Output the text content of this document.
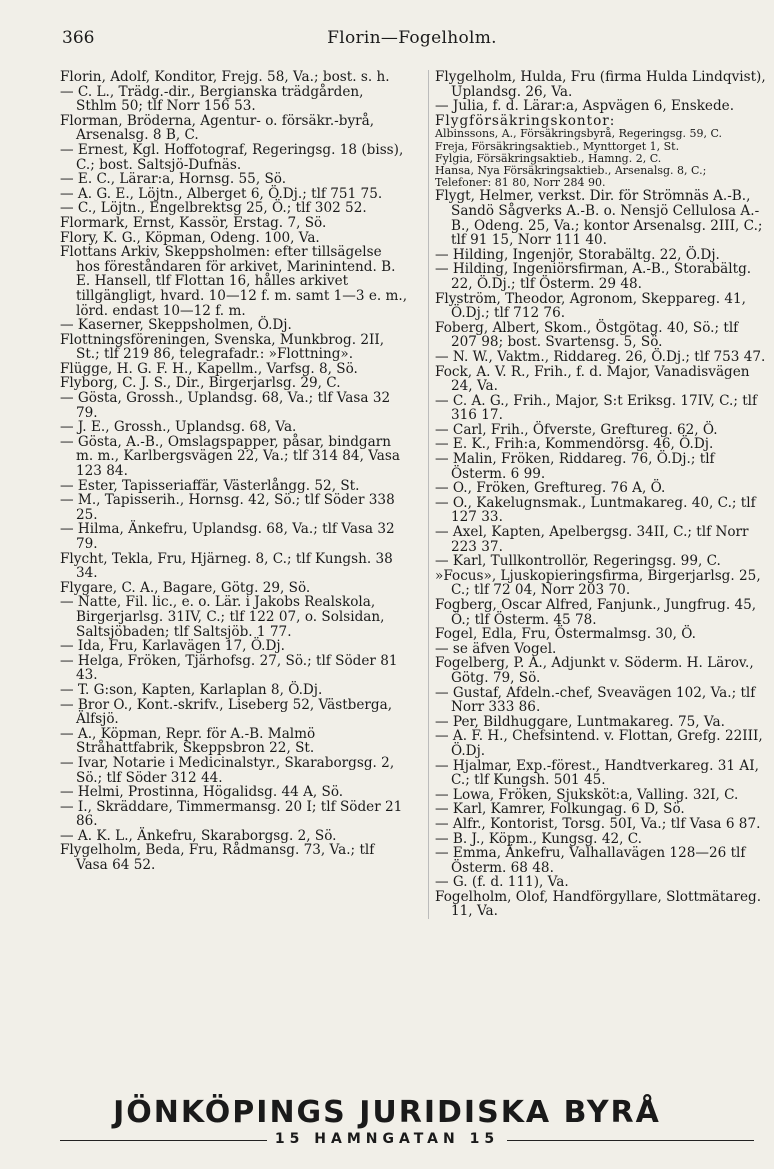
366	Florin—Fogelholm.
Florin, Adolf, Konditor, Frejg. 58, Va.; bost. s. h.
— C. L., Trädg.-dir., Bergianska trädgården, Sthlm 50; tlf Norr 156 53.
Florman, Bröderna, Agentur- o. försäkr.-byrå, Arsenalsg. 8 B, C.
— Ernest, Kgl. Hoffotograf, Regeringsg. 18 (biss), C.; bost. Saltsjö-Dufnäs.
— E. C., Lärar:a, Hornsg. 55, Sö.
— A. G. E., Löjtn., Alberget 6, Ö.Dj.; tlf 751 75.
— C., Löjtn., Engelbrektsg 25, Ö.; tlf 302 52.
Flormark, Ernst, Kassör, Erstag. 7, Sö.
Flory, K. G., Köpman, Odeng. 100, Va.
Flottans Arkiv, Skeppsholmen: efter tillsägelse hos föreståndaren för arkivet, Marinintend. B. E. Hansell, tlf Flottan 16, hålles arkivet tillgängligt, hvard. 10—12 f. m. samt 1—3 e. m., lörd. endast 10—12 f. m.
— Kaserner, Skeppsholmen, Ö.Dj.
Flottningsföreningen, Svenska, Munkbrog. 2II, St.; tlf 219 86, telegrafadr.: »Flottning».
Flügge, H. G. F. H., Kapellm., Varfsg. 8, Sö.
Flyborg, C. J. S., Dir., Birgerjarlsg. 29, C.
— Gösta, Grossh., Uplandsg. 68, Va.; tlf Vasa 32 79.
— J. E., Grossh., Uplandsg. 68, Va.
— Gösta, A.-B., Omslagspapper, påsar, bindgarn m. m., Karlbergsvägen 22, Va.; tlf 314 84, Vasa 123 84.
— Ester, Tapisseriaffär, Västerlångg. 52, St.
— M., Tapisserih., Hornsg. 42, Sö.; tlf Söder 338 25.
— Hilma, Änkefru, Uplandsg. 68, Va.; tlf Vasa 32 79.
Flycht, Tekla, Fru, Hjärneg. 8, C.; tlf Kungsh. 38 34.
Flygare, C. A., Bagare, Götg. 29, Sö.
— Natte, Fil. lic., e. o. Lär. i Jakobs Realskola, Birgerjarlsg. 31IV, C.; tlf 122 07, o. Solsidan, Saltsjöbaden; tlf Saltsjöb. 1 77.
— Ida, Fru, Karlavägen 17, Ö.Dj.
— Helga, Fröken, Tjärhofsg. 27, Sö.; tlf Söder 81 43.
— T. G:son, Kapten, Karlaplan 8, Ö.Dj.
— Bror O., Kont.-skrifv., Liseberg 52, Västberga, Älfsjö.
— A., Köpman, Repr. för A.-B. Malmö Stråhattfabrik, Skeppsbron 22, St.
— Ivar, Notarie i Medicinalstyr., Skaraborgsg. 2, Sö.; tlf Söder 312 44.
— Helmi, Prostinna, Högalidsg. 44 A, Sö.
— I., Skräddare, Timmermansg. 20 I; tlf Söder 21 86.
— A. K. L., Änkefru, Skaraborgsg. 2, Sö.
Flygelholm, Beda, Fru, Rådmansg. 73, Va.; tlf Vasa 64 52.
Flygelholm, Hulda, Fru (firma Hulda Lindqvist), Uplandsg. 26, Va.
— Julia, f. d. Lärar:a, Aspvägen 6, Enskede.
Flygförsäkringskontor:
Albinssons, A., Försäkringsbyrå, Regeringsg. 59, C.
Freja, Försäkringsaktieb., Mynttorget 1, St.
Fylgia, Försäkringsaktieb., Hamng. 2, C.
Hansa, Nya Försäkringsaktieb., Arsenalsg. 8, C.;
Telefoner: 81 80, Norr 284 90.
Flygt, Helmer, verkst. Dir. för Strömnäs A.-B., Sandö Sågverks A.-B. o. Nensjö Cellulosa A.-B., Odeng. 25, Va.; kontor Arsenalsg. 2III, C.; tlf 91 15, Norr 111 40.
— Hilding, Ingenjör, Storabältg. 22, Ö.Dj.
— Hilding, Ingeniörsfirman, A.-B., Storabältg. 22, Ö.Dj.; tlf Österm. 29 48.
Flyström, Theodor, Agronom, Skeppareg. 41, Ö.Dj.; tlf 712 76.
Foberg, Albert, Skom., Östgötag. 40, Sö.; tlf 207 98; bost. Svartensg. 5, Sö.
— N. W., Vaktm., Riddareg. 26, Ö.Dj.; tlf 753 47.
Fock, A. V. R., Frih., f. d. Major, Vanadisvägen 24, Va.
— C. A. G., Frih., Major, S:t Eriksg. 17IV, C.; tlf 316 17.
— Carl, Frih., Öfverste, Greftureg. 62, Ö.
— E. K., Frih:a, Kommendörsg. 46, Ö.Dj.
— Malin, Fröken, Riddareg. 76, Ö.Dj.; tlf Österm. 6 99.
— O., Fröken, Greftureg. 76 A, Ö.
— O., Kakelugnsmak., Luntmakareg. 40, C.; tlf 127 33.
— Axel, Kapten, Apelbergsg. 34II, C.; tlf Norr 223 37.
— Karl, Tullkontrollör, Regeringsg. 99, C.
»Focus», Ljuskopieringsfirma, Birgerjarlsg. 25, C.; tlf 72 04, Norr 203 70.
Fogberg, Oscar Alfred, Fanjunk., Jungfrug. 45, Ö.; tlf Österm. 45 78.
Fogel, Edla, Fru, Östermalmsg. 30, Ö.
— se äfven Vogel.
Fogelberg, P. A., Adjunkt v. Söderm. H. Lärov., Götg. 79, Sö.
— Gustaf, Afdeln.-chef, Sveavägen 102, Va.; tlf Norr 333 86.
— Per, Bildhuggare, Luntmakareg. 75, Va.
— A. F. H., Chefsintend. v. Flottan, Grefg. 22III, Ö.Dj.
— Hjalmar, Exp.-förest., Handtverkareg. 31 AI, C.; tlf Kungsh. 501 45.
— Lowa, Fröken, Sjuksköt:a, Valling. 32I, C.
— Karl, Kamrer, Folkungag. 6 D, Sö.
— Alfr., Kontorist, Torsg. 50I, Va.; tlf Vasa 6 87.
— B. J., Köpm., Kungsg. 42, C.
— Emma, Änkefru, Valhallavägen 128—26 tlf Österm. 68 48.
— G. (f. d. 111), Va.
Fogelholm, Olof, Handförgyllare, Slottmätareg. 11, Va.
JÖNKÖPINGS JURIDISKA BYRÅ
15 HAMNGATAN 15
